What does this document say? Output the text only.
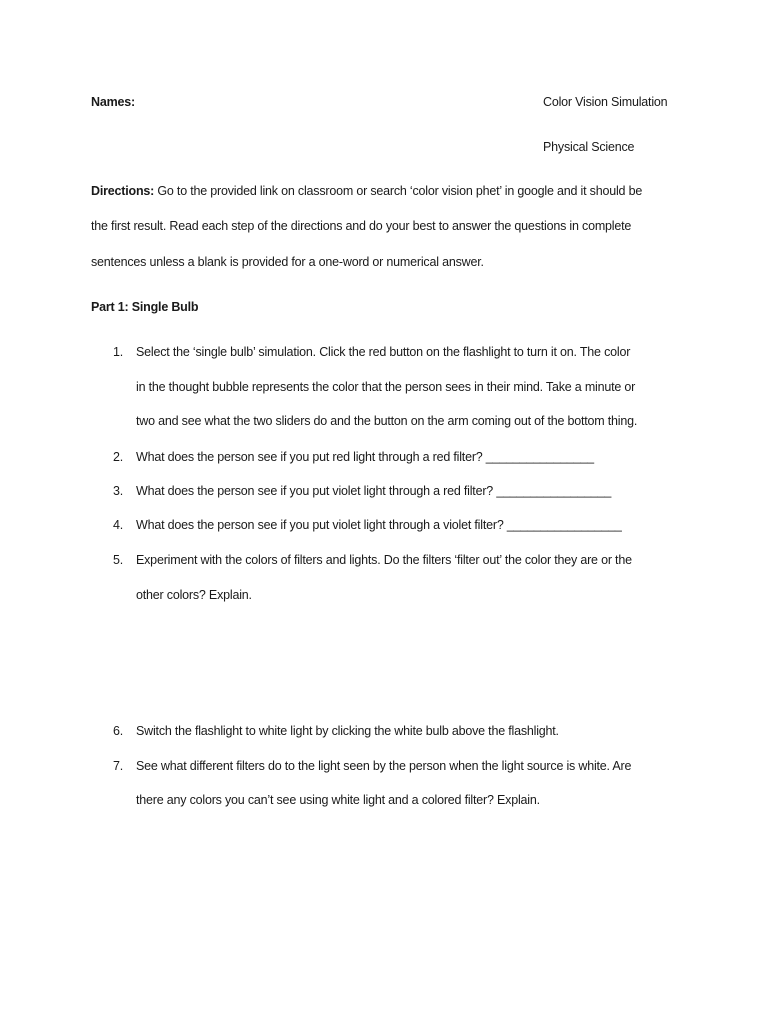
Names:	Color Vision Simulation
Physical Science
Directions: Go to the provided link on classroom or search ‘color vision phet’ in google and it should be
the first result. Read each step of the directions and do your best to answer the questions in complete
sentences unless a blank is provided for a one-word or numerical answer.
Part 1: Single Bulb
1.	Select the ‘single bulb’ simulation. Click the red button on the flashlight to turn it on. The color
in the thought bubble represents the color that the person sees in their mind. Take a minute or
two and see what the two sliders do and the button on the arm coming out of the bottom thing.
2.	What does the person see if you put red light through a red filter? ________________
3.	What does the person see if you put violet light through a red filter? _________________
4.	What does the person see if you put violet light through a violet filter? _________________
5.	Experiment with the colors of filters and lights. Do the filters ‘filter out’ the color they are or the
other colors? Explain.
6.	Switch the flashlight to white light by clicking the white bulb above the flashlight.
7.	See what different filters do to the light seen by the person when the light source is white. Are
there any colors you can’t see using white light and a colored filter? Explain.
